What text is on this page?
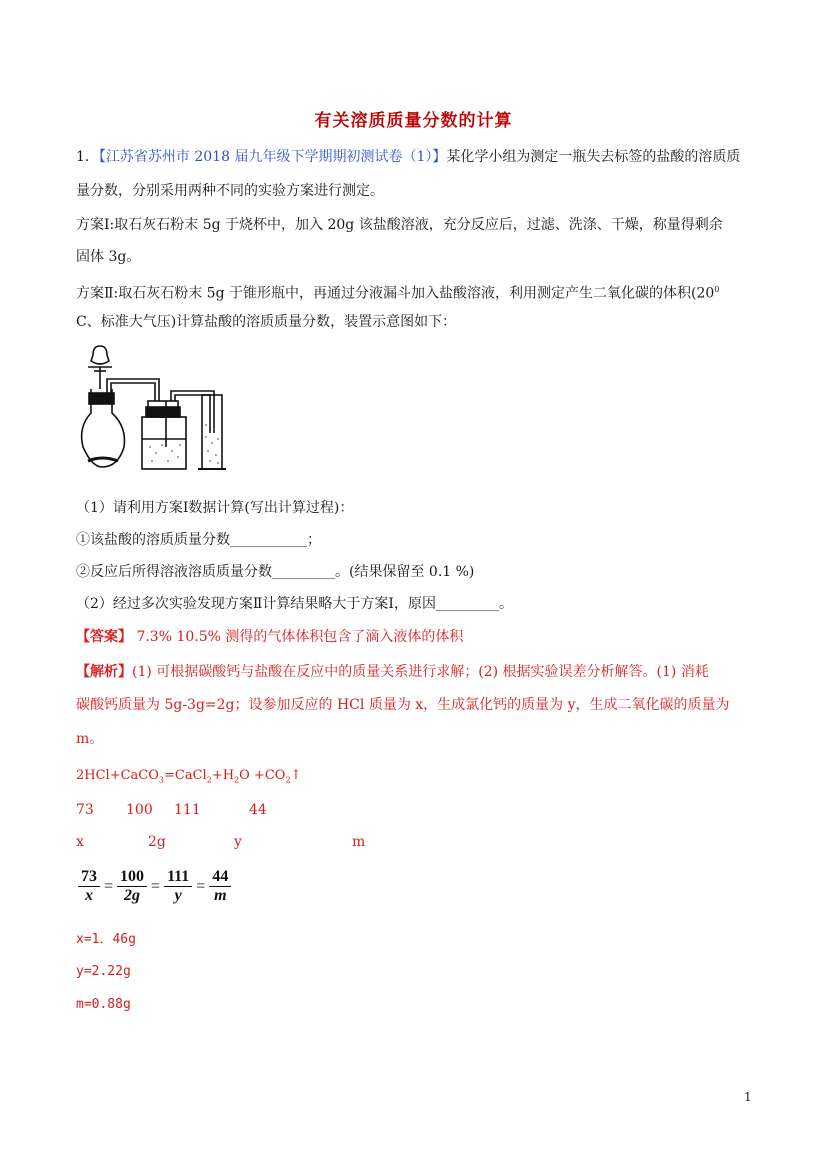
有关溶质质量分数的计算
1．【江苏省苏州市 2018 届九年级下学期期初测试卷（1）】某化学小组为测定一瓶失去标签的盐酸的溶质质
量分数，分别采用两种不同的实验方案进行测定。
方案Ⅰ:取石灰石粉末 5g 于烧杯中，加入 20g 该盐酸溶液，充分反应后，过滤、洗涤、干燥，称量得剩余
固体 3g。
方案Ⅱ:取石灰石粉末 5g 于锥形瓶中，再通过分液漏斗加入盐酸溶液，利用测定产生二氧化碳的体积($20^0$
C、标准大气压)计算盐酸的溶质质量分数，装置示意图如下：
（1）请利用方案Ⅰ数据计算(写出计算过程)：
①该盐酸的溶质质量分数___________；
②反应后所得溶液溶质质量分数_________。(结果保留至 0.1 %)
（2）经过多次实验发现方案Ⅱ计算结果略大于方案Ⅰ，原因_________。
【答案】 7.3% 10.5% 测得的气体体积包含了滴入液体的体积
【解析】(1) 可根据碳酸钙与盐酸在反应中的质量关系进行求解；(2) 根据实验误差分析解答。(1) 消耗
碳酸钙质量为 5g-3g=2g；设参加反应的 HCl 质量为 x，生成氯化钙的质量为 y，生成二氧化碳的质量为
m。
$2HCl+CaCO_3=CaCl_2+H_2O$ $+CO_2↑$
73 100 111	44
x	2g	y	m
$\frac{73}{x} = \frac{100}{2g} = \frac{111}{y} = \frac{44}{m}$
x=1．46g
y=2.22g
m=0.88g
1
